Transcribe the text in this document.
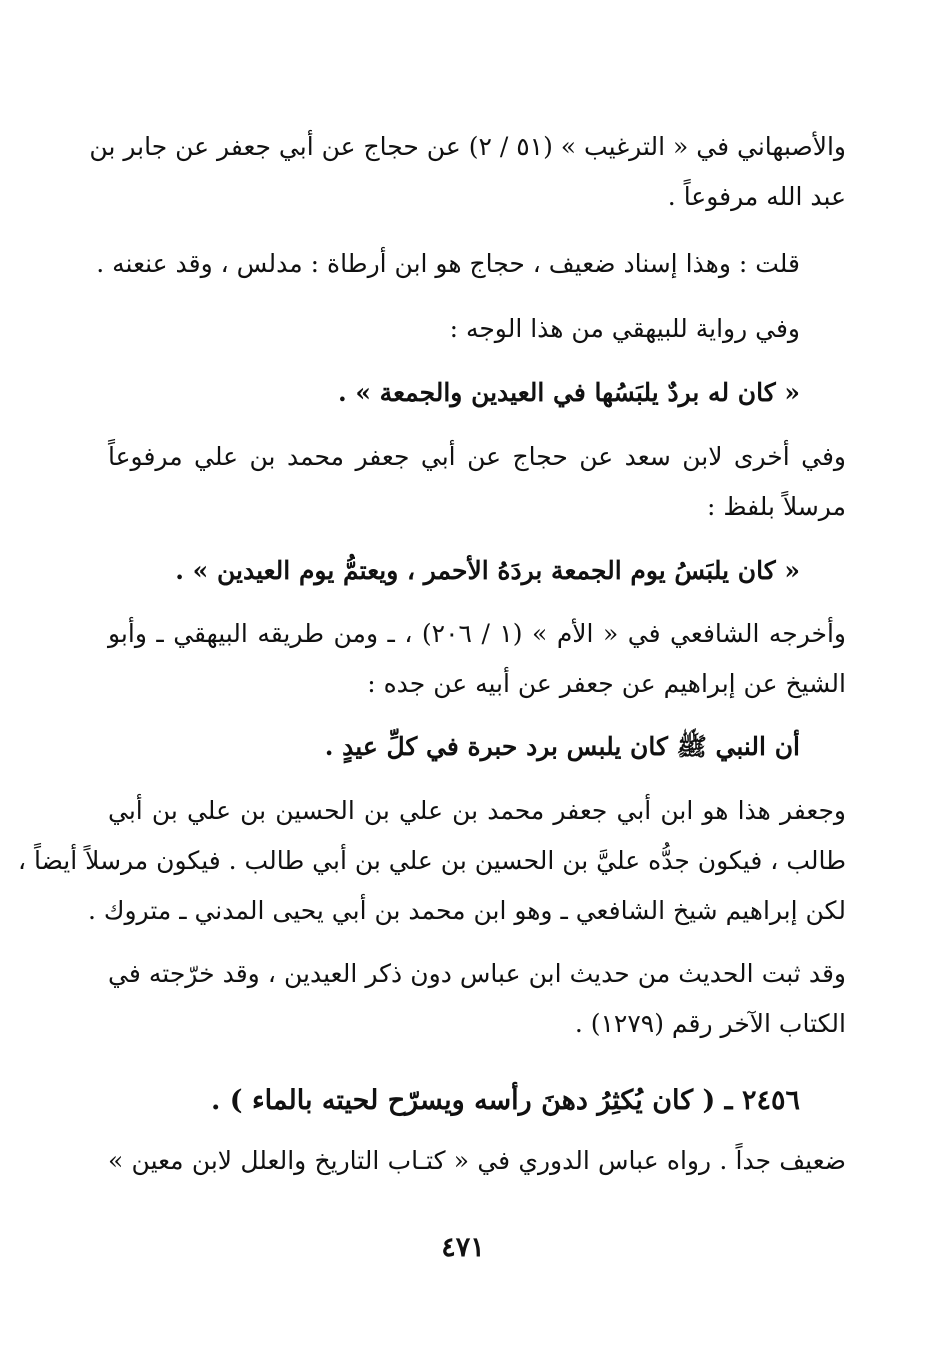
والأصبهاني في « الترغيب » (٥١ / ٢) عن حجاج عن أبي جعفر عن جابر بن
عبد الله مرفوعاً .
قلت : وهذا إسناد ضعيف ، حجاج هو ابن أرطاة : مدلس ، وقد عنعنه .
وفي رواية للبيهقي من هذا الوجه :
« كان له بردٌ يلبَسُها في العيدين والجمعة » .
وفي أخرى لابن سعد عن حجاج عن أبي جعفر محمد بن علي مرفوعاً
مرسلاً بلفظ :
« كان يلبَسُ يوم الجمعة بردَهُ الأحمر ، ويعتمُّ يوم العيدين » .
وأخرجه الشافعي في « الأم » (١ / ٢٠٦) ، ـ ومن طريقه البيهقي ـ وأبو
الشيخ عن إبراهيم عن جعفر عن أبيه عن جده :
أن النبي ﷺ كان يلبس برد حبرة في كلِّ عيدٍ .
وجعفر هذا هو ابن أبي جعفر محمد بن علي بن الحسين بن علي بن أبي
طالب ، فيكون جدُّه عليَّ بن الحسين بن علي بن أبي طالب . فيكون مرسلاً أيضاً ،
لكن إبراهيم شيخ الشافعي ـ وهو ابن محمد بن أبي يحيى المدني ـ متروك .
وقد ثبت الحديث من حديث ابن عباس دون ذكر العيدين ، وقد خرّجته في
الكتاب الآخر رقم (١٢٧٩) .
٢٤٥٦ ـ ( كان يُكثِرُ دهنَ رأسه ويسرّح لحيته بالماء ) .
ضعيف جداً . رواه عباس الدوري في « كتـاب التاريخ والعلل لابن معين »
٤٧١
